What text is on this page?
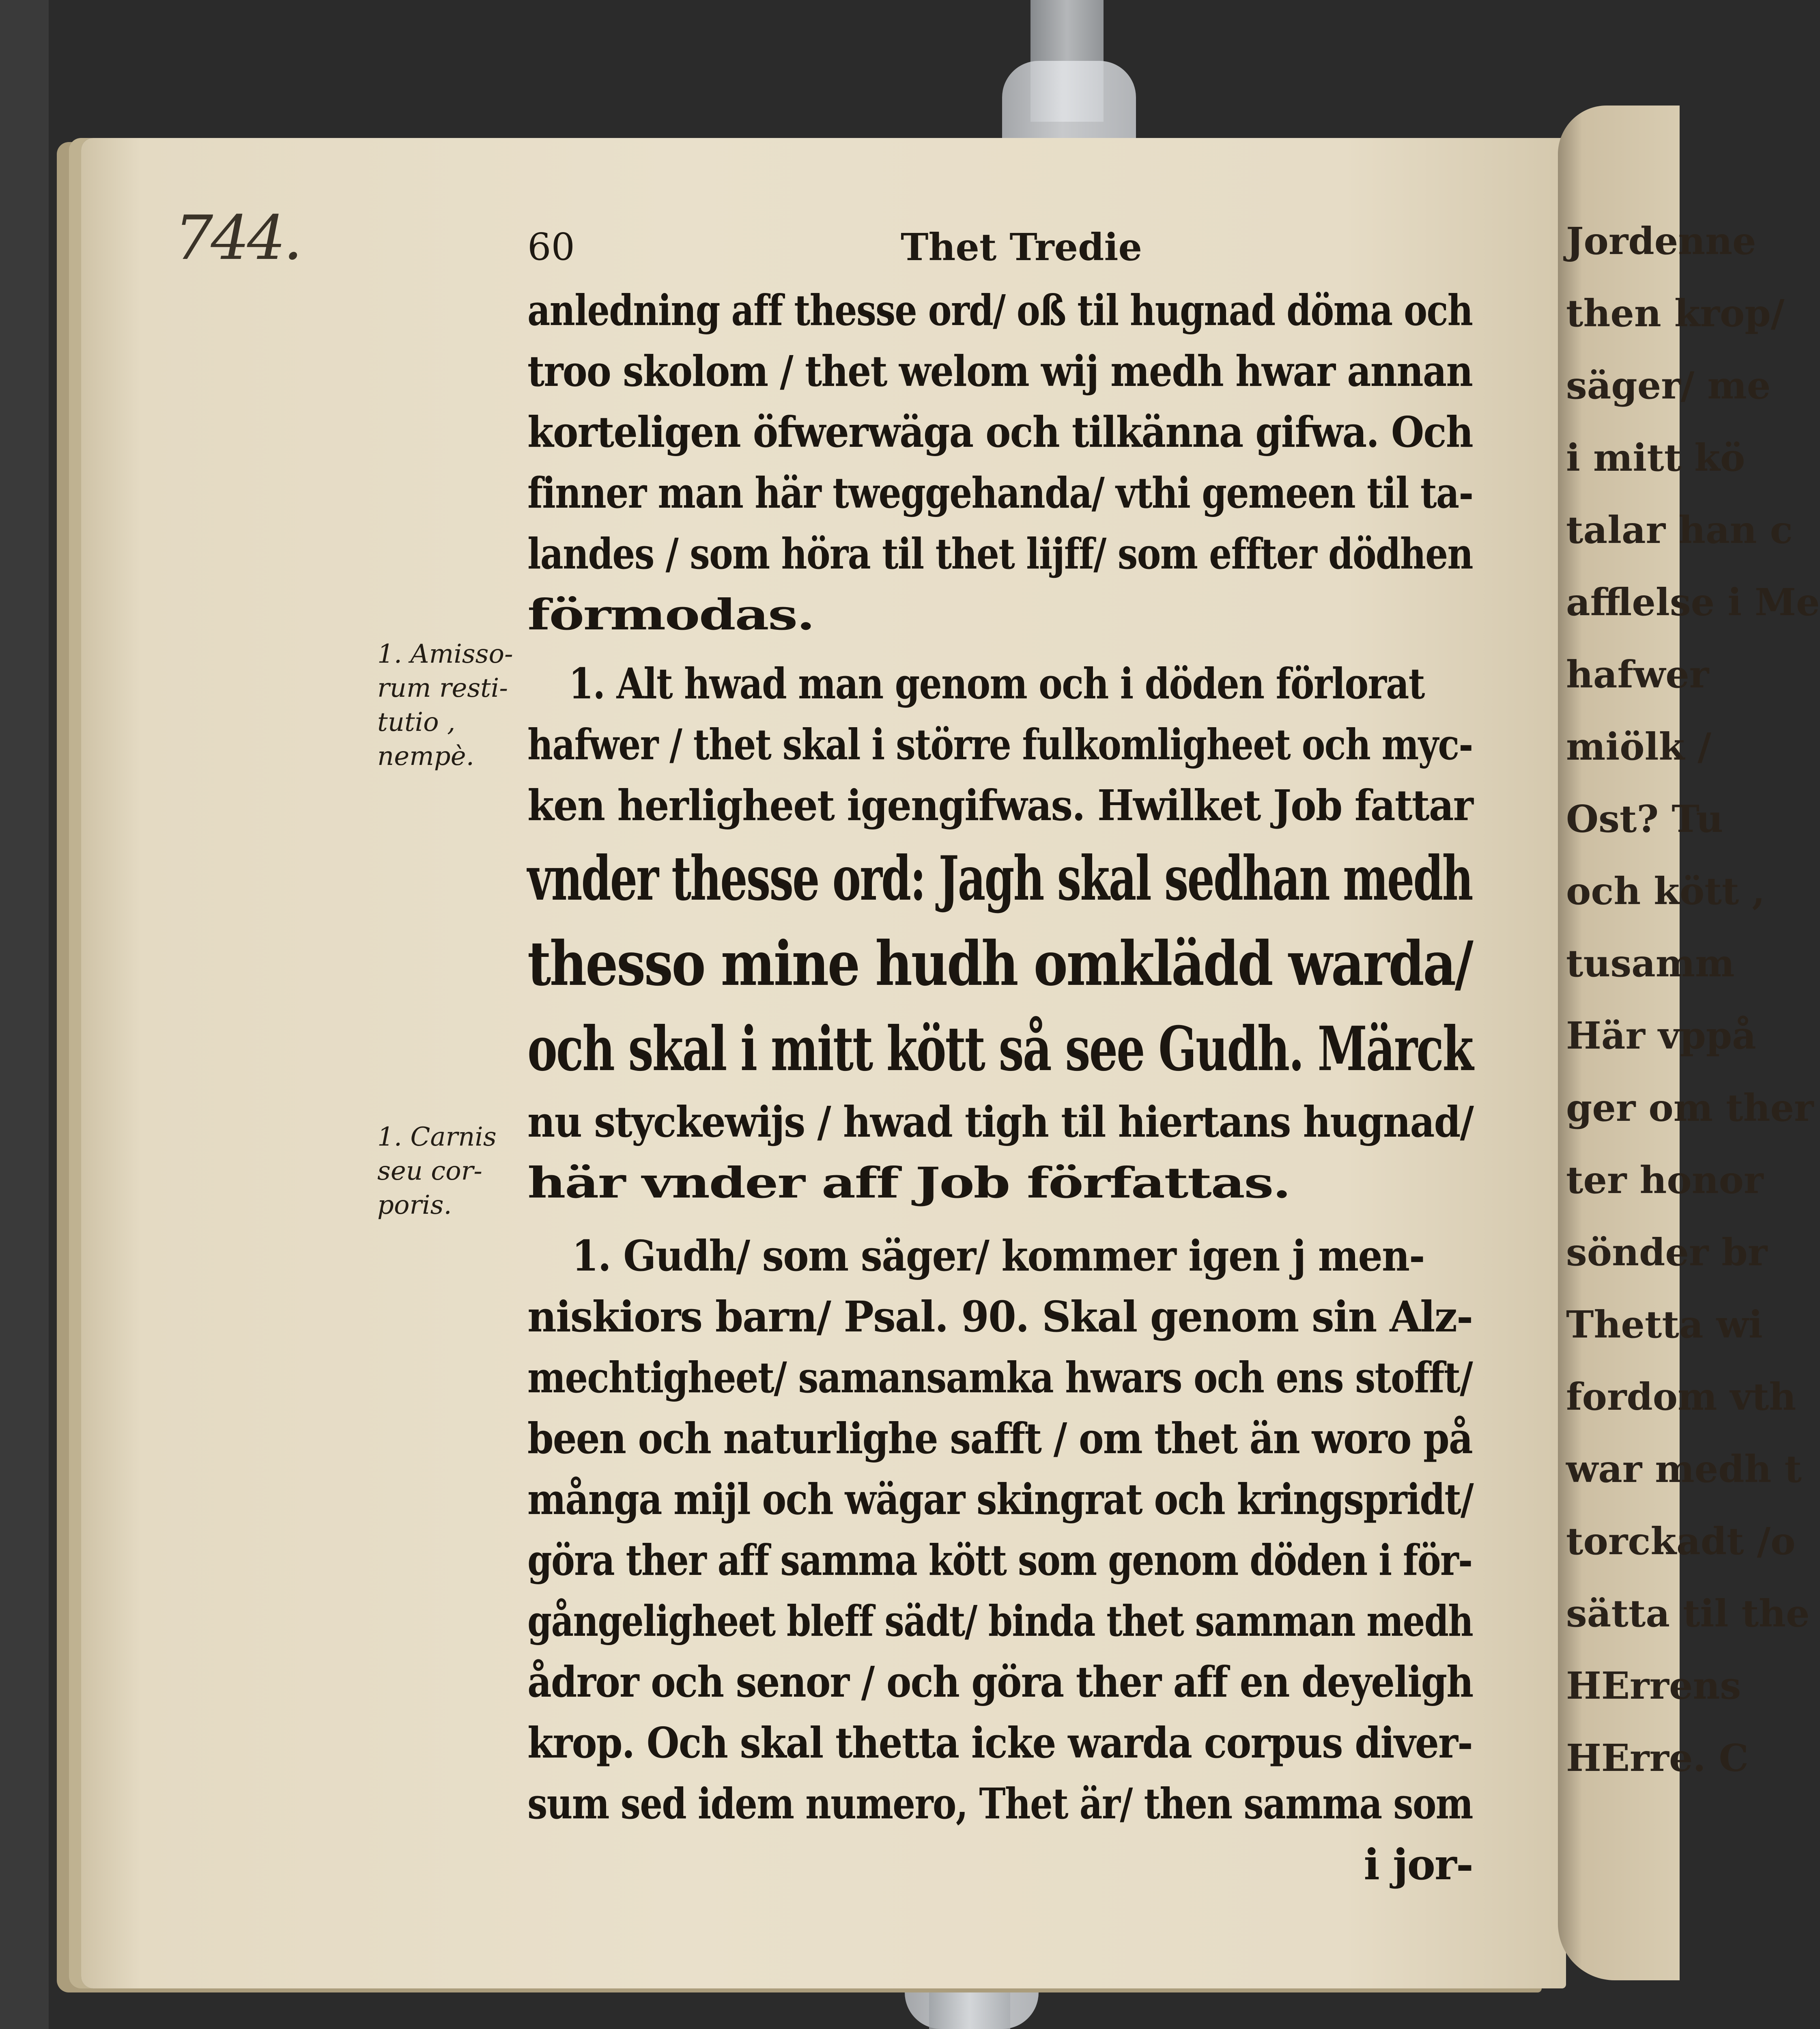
Jordenne
then krop/
säger/ me
i mitt kö
talar han c
afflelse i Me
hafwer
miölk /
Ost? Tu
och kött ,
tusamm
Här vppå
ger om ther
ter honor
sönder br
Thetta wi
fordom vth
war medh t
torckadt /o
sätta til the
HErrens
HErre. C
744.	60	Thet Tredie
anledning aff thesse ord/ oß til hugnad döma och
troo skolom / thet welom wij medh hwar annan
korteligen öfwerwäga och tilkänna gifwa. Och
finner man här tweggehanda/ vthi gemeen til ta-
landes / som höra til thet lijff/ som effter dödhen
förmodas.
1. Alt hwad man genom och i döden förlorat
hafwer / thet skal i större fulkomligheet och myc-
ken herligheet igengifwas. Hwilket Job fattar
vnder thesse ord: Jagh skal sedhan medh
thesso mine hudh omklädd warda/
och skal i mitt kött så see Gudh. Märck
nu styckewijs / hwad tigh til hiertans hugnad/
här vnder aff Job författas.
1. Gudh/ som säger/ kommer igen j men-
niskiors barn/ Psal. 90. Skal genom sin Alz-
mechtigheet/ samansamka hwars och ens stofft/
been och naturlighe safft / om thet än woro på
många mijl och wägar skingrat och kringspridt/
göra ther aff samma kött som genom döden i för-
gångeligheet bleff sädt/ binda thet samman medh
ådror och senor / och göra ther aff en deyeligh
krop. Och skal thetta icke warda corpus diver-
sum sed idem numero, Thet är/ then samma som
i jor-
1. Amisso-
rum resti-
tutio ,
nempè.
1. Carnis
seu cor-
poris.
